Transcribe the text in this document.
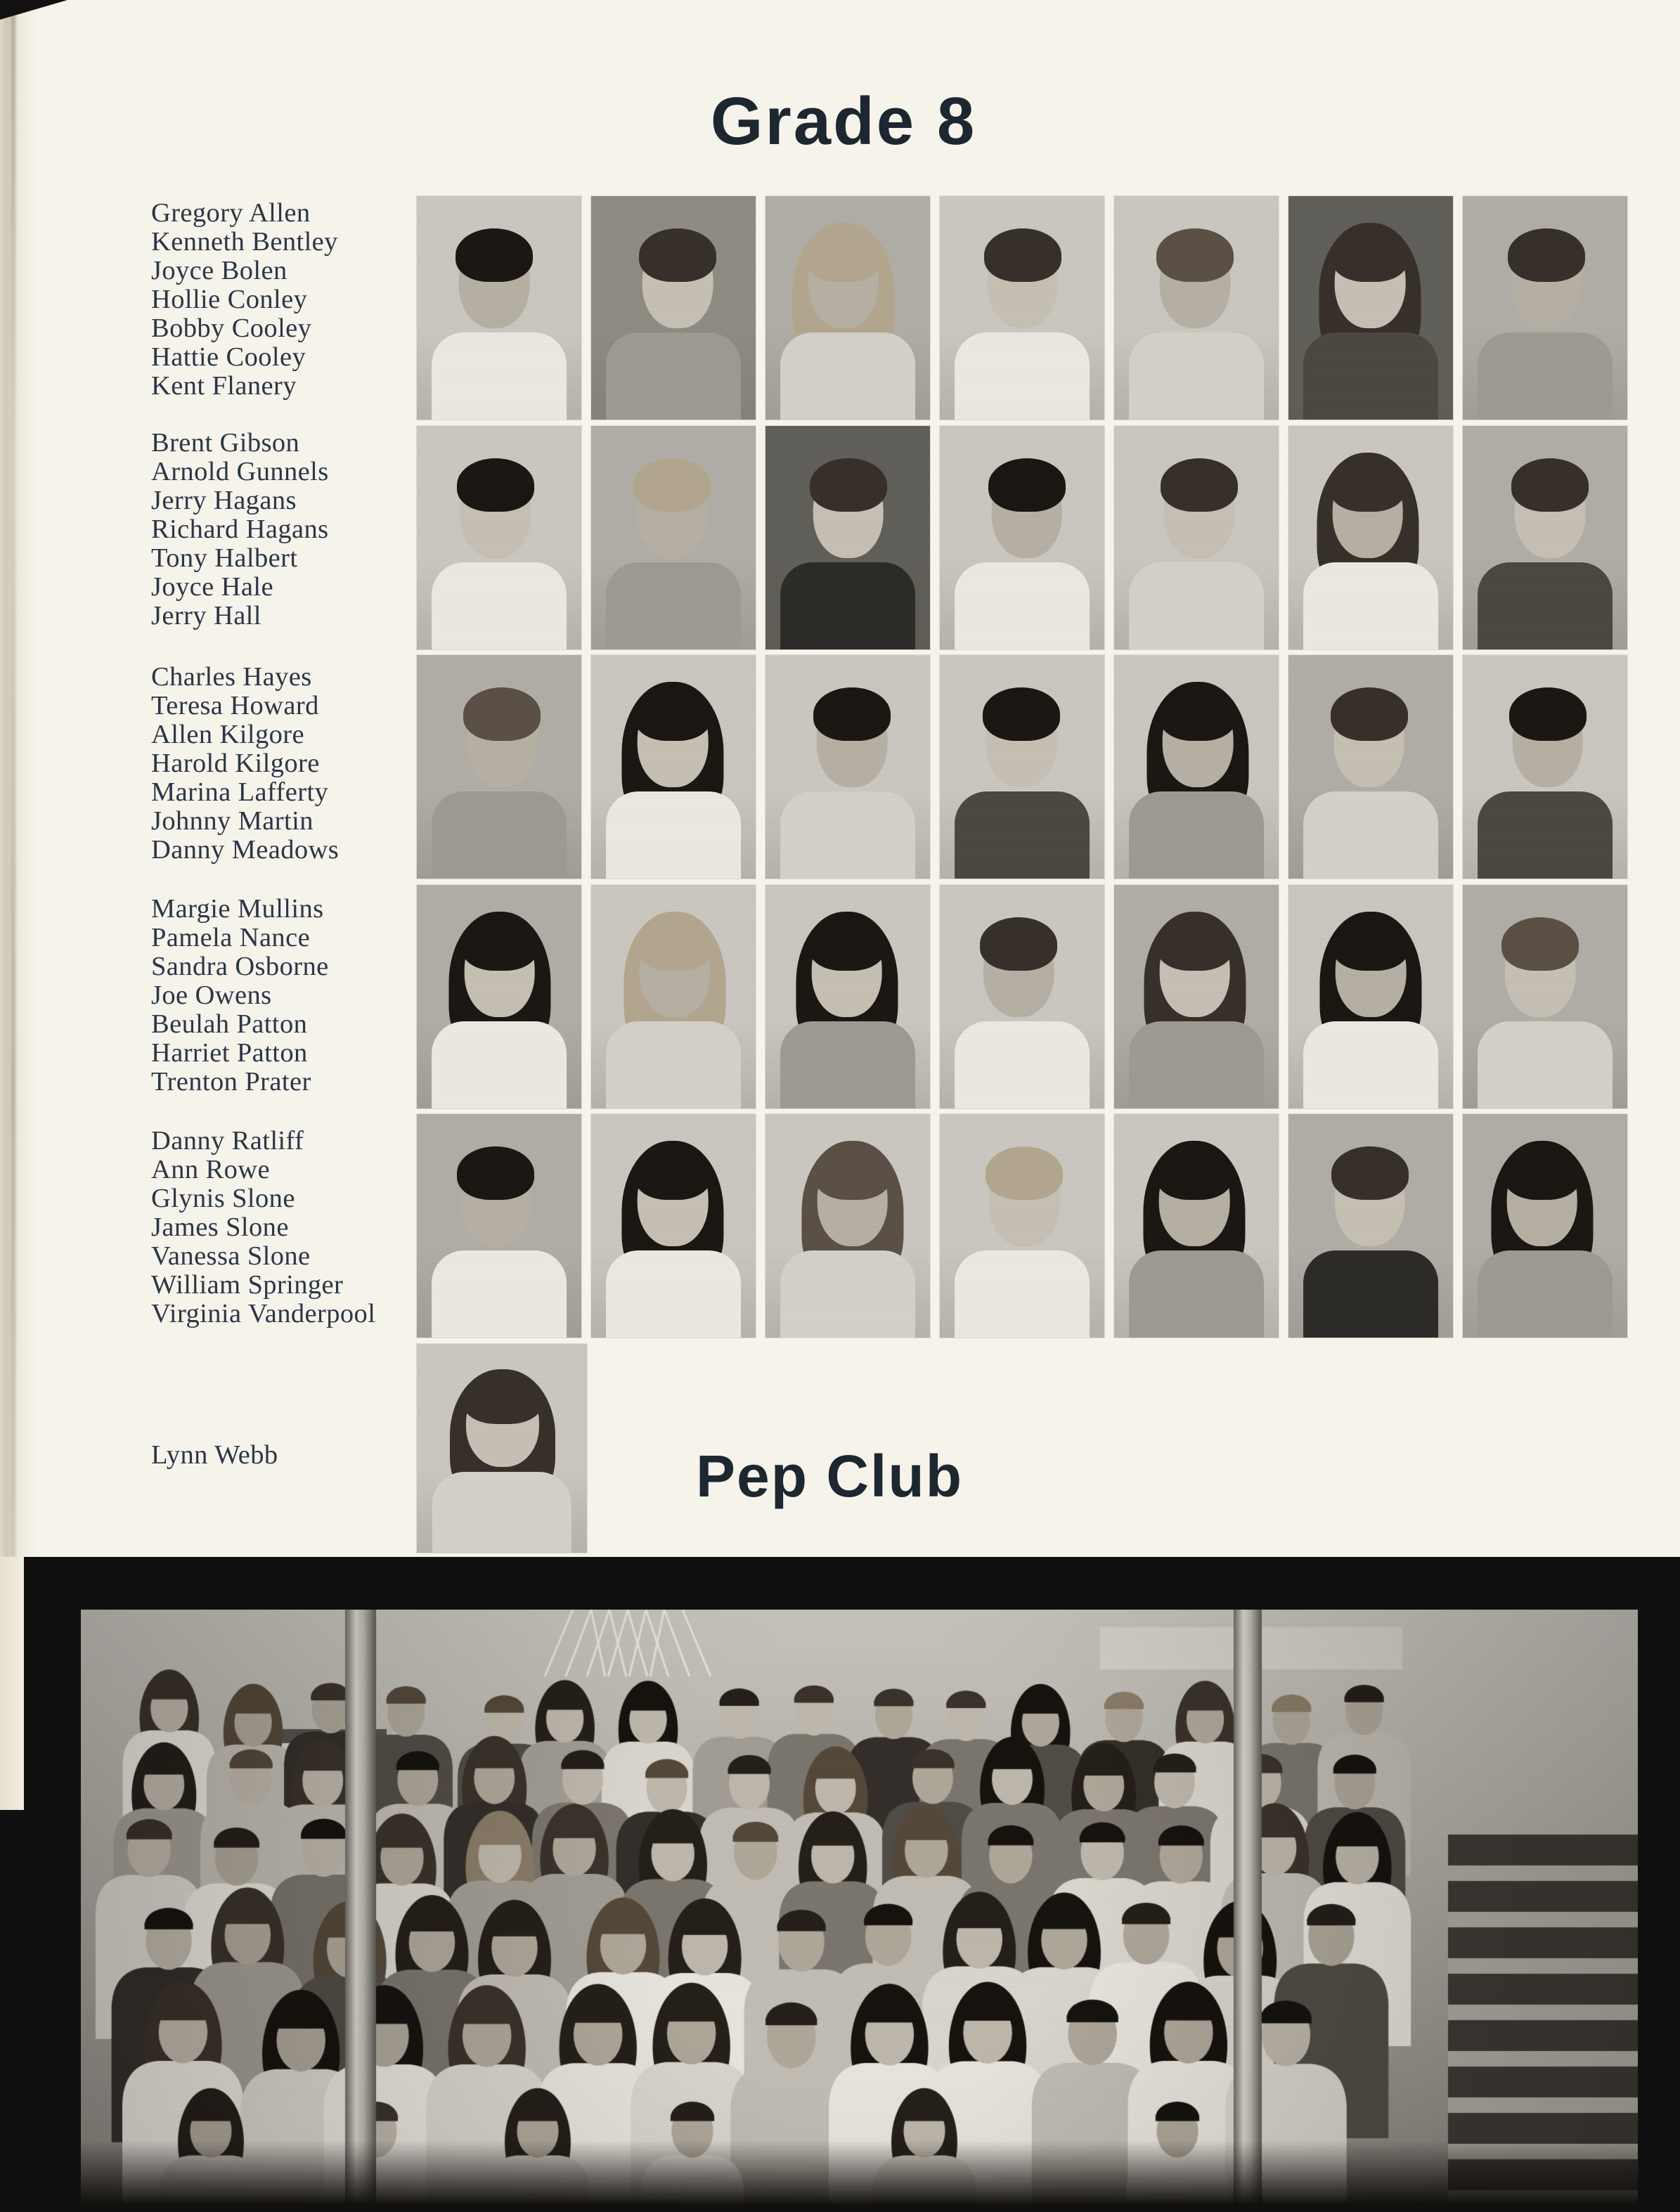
Grade 8
Gregory Allen
Kenneth Bentley
Joyce Bolen
Hollie Conley
Bobby Cooley
Hattie Cooley
Kent Flanery
Brent Gibson
Arnold Gunnels
Jerry Hagans
Richard Hagans
Tony Halbert
Joyce Hale
Jerry Hall
Charles Hayes
Teresa Howard
Allen Kilgore
Harold Kilgore
Marina Lafferty
Johnny Martin
Danny Meadows
Margie Mullins
Pamela Nance
Sandra Osborne
Joe Owens
Beulah Patton
Harriet Patton
Trenton Prater
Danny Ratliff
Ann Rowe
Glynis Slone
James Slone
Vanessa Slone
William Springer
Virginia Vanderpool
Lynn Webb	Pep Club
